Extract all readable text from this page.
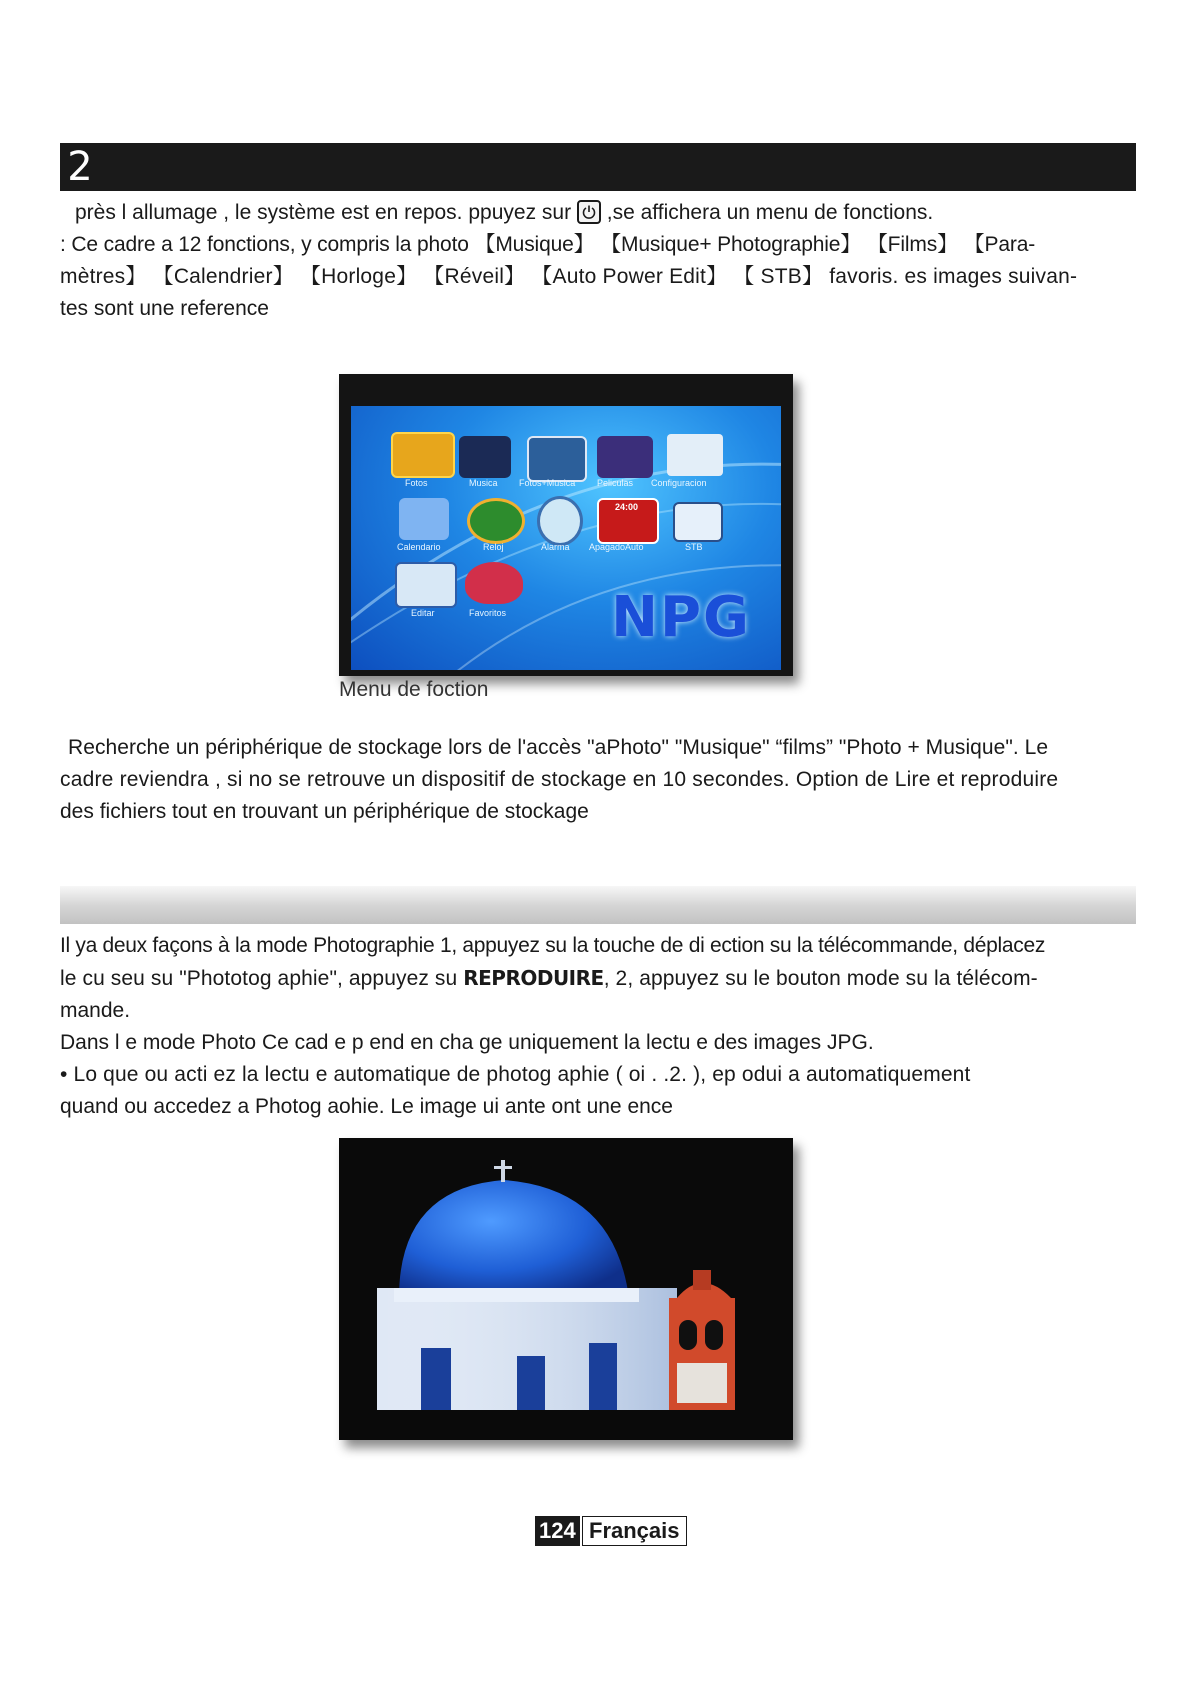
2
près l allumage , le système est en repos. ppuyez sur ,se affichera un menu de fonctions.
: Ce cadre a 12 fonctions, y compris la photo 【Musique】 【Musique+ Photographie】 【Films】 【Para-
mètres】 【Calendrier】 【Horloge】 【Réveil】 【Auto Power Edit】 【 STB】 favoris. es images suivan-
tes sont une reference
Fotos	Musica Fotos+Musica Peliculas Configuracion
24:00
Calendario	Reloj	Alarma ApagadoAuto	STB
Editar	Favoritos NPG
Menu de foction
Recherche un périphérique de stockage lors de l'accès "aPhoto" "Musique" “films” "Photo + Musique". Le
cadre reviendra , si no se retrouve un dispositif de stockage en 10 secondes. Option de Lire et reproduire
des fichiers tout en trouvant un périphérique de stockage
Il ya deux façons à la mode Photographie 1, appuyez su la touche de di ection su la télécommande, déplacez
le cu seu su "Phototog aphie", appuyez su REPRODUIRE, 2, appuyez su le bouton mode su la télécom-
mande.
Dans l e mode Photo Ce cad e p end en cha ge uniquement la lectu e des images JPG.
• Lo que ou acti ez la lectu e automatique de photog aphie ( oi . .2. ), ep odui a automatiquement
quand ou accedez a Photog aohie. Le image ui ante ont une ence
124 Français
